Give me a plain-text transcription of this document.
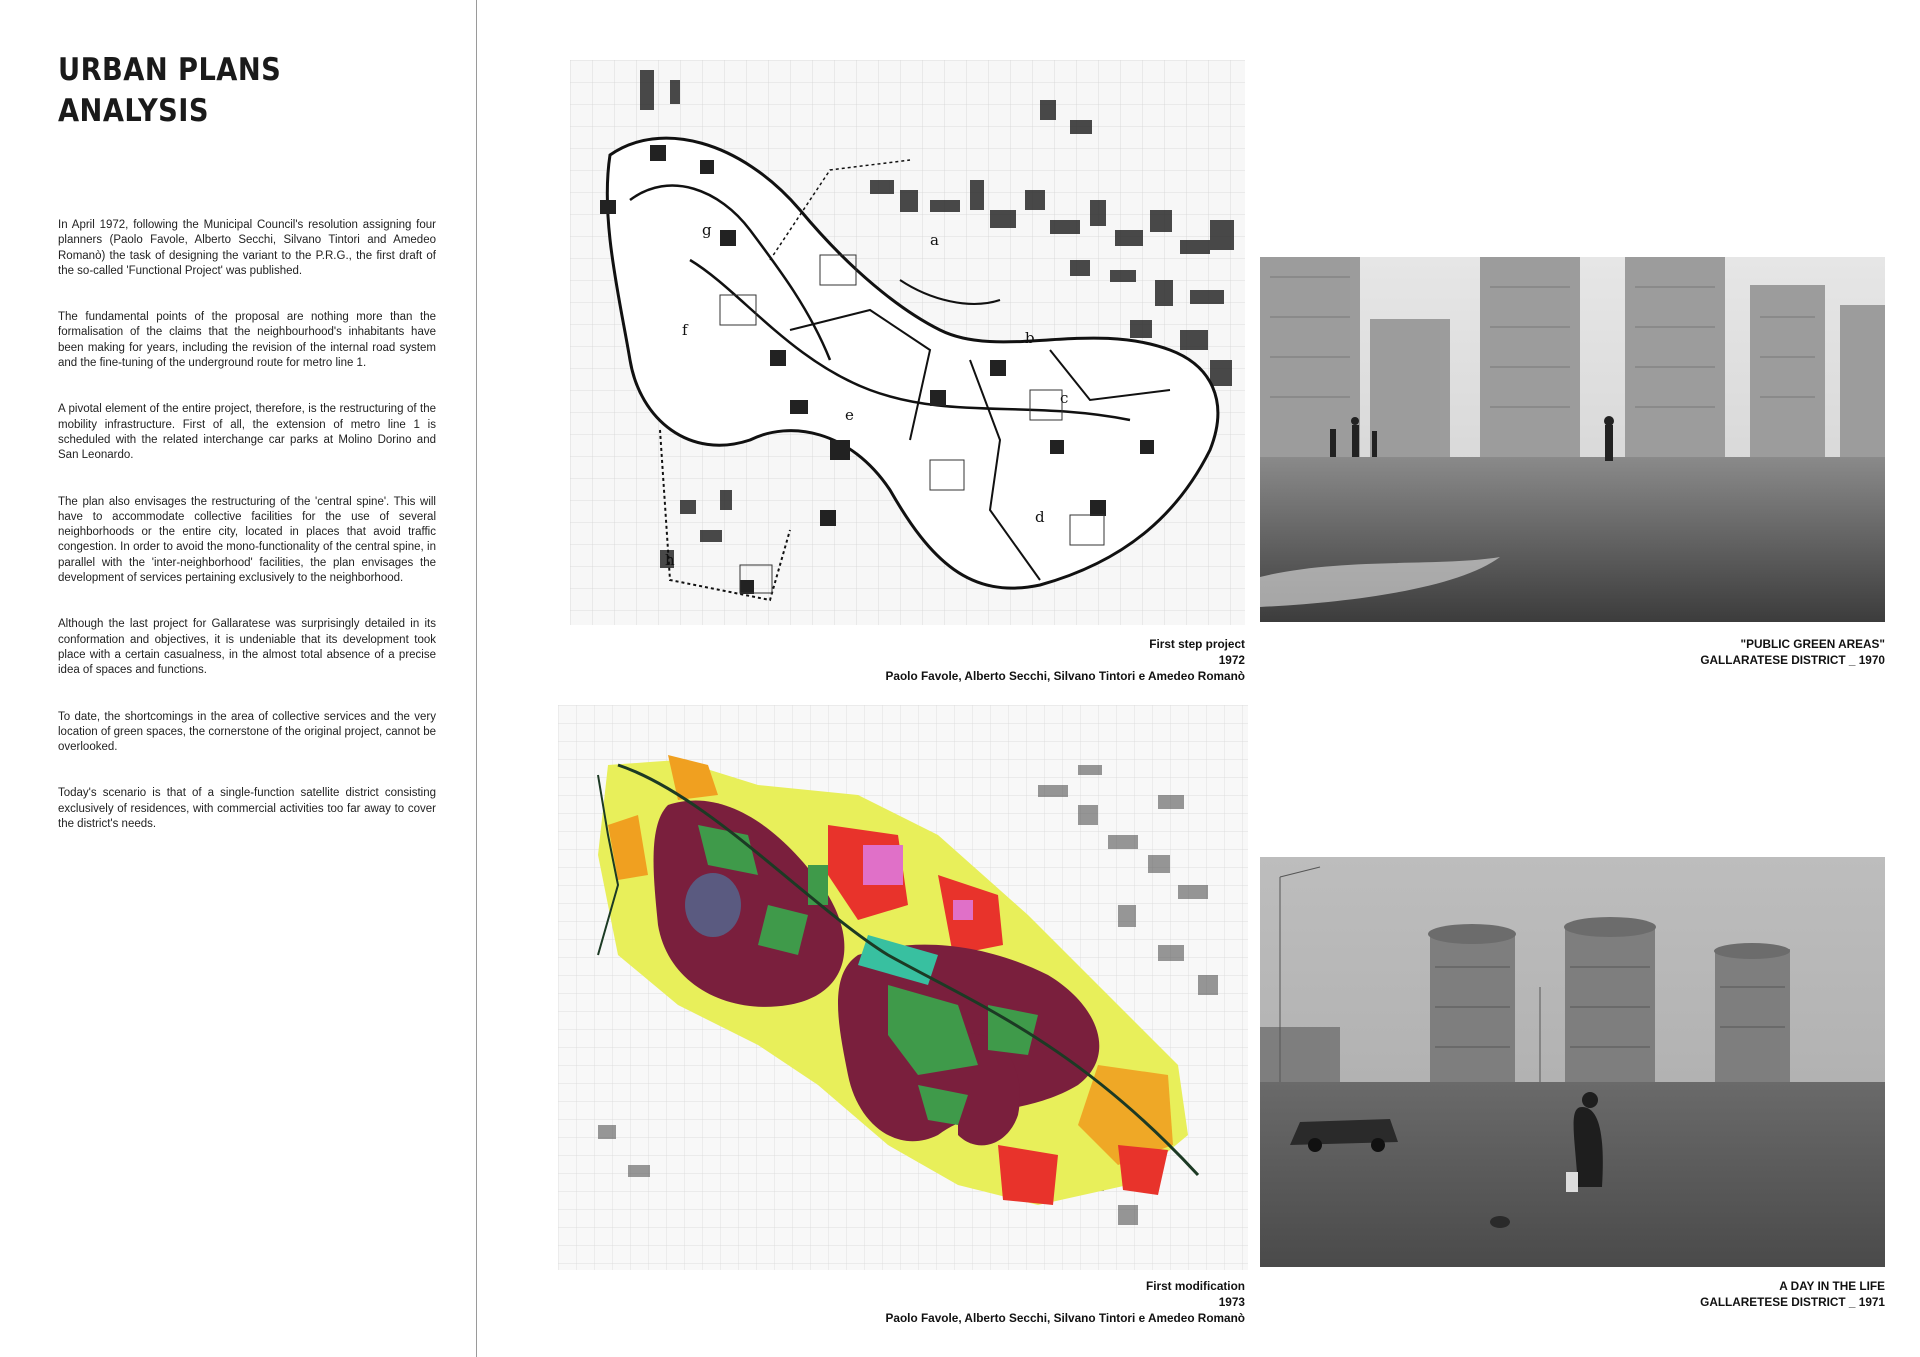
URBAN PLANS
ANALYSIS

In April 1972, following the Municipal Council's resolution assigning four planners (Paolo Favole, Alberto Secchi, Silvano Tintori and Amedeo Romanò) the task of designing the variant to the P.R.G., the first draft of the so-called 'Functional Project' was published.

The fundamental points of the proposal are nothing more than the formalisation of the claims that the neighbourhood's inhabitants have been making for years, including the revision of the internal road system and the fine-tuning of the underground route for metro line 1.

A pivotal element of the entire project, therefore, is the restructuring of the mobility infrastructure. First of all, the extension of metro line 1 is scheduled with the related interchange car parks at Molino Dorino and San Leonardo.

The plan also envisages the restructuring of the 'central spine'. This will have to accommodate collective facilities for the use of several neighborhoods or the entire city, located in places that avoid traffic congestion. In order to avoid the mono-functionality of the central spine, in parallel with the 'inter-neighborhood' facilities, the plan envisages the development of services pertaining exclusively to the neighborhood.

Although the last project for Gallaratese was surprisingly detailed in its conformation and objectives, it is undeniable that its development took place with a certain casualness, in the almost total absence of a precise idea of spaces and functions.

To date, the shortcomings in the area of collective services and the very location of green spaces, the cornerstone of the original project, cannot be overlooked.

Today's scenario is that of a single-function satellite district consisting exclusively of residences, with commercial activities too far away to cover the district's needs.

a
b
c
d
e
f
g
h
First step project
1972
Paolo Favole, Alberto Secchi, Silvano Tintori e Amedeo Romanò
"PUBLIC GREEN AREAS"
GALLARATESE DISTRICT _ 1970
First modification
1973
Paolo Favole, Alberto Secchi, Silvano Tintori e Amedeo Romanò
A DAY IN THE LIFE
GALLARETESE DISTRICT _ 1971
